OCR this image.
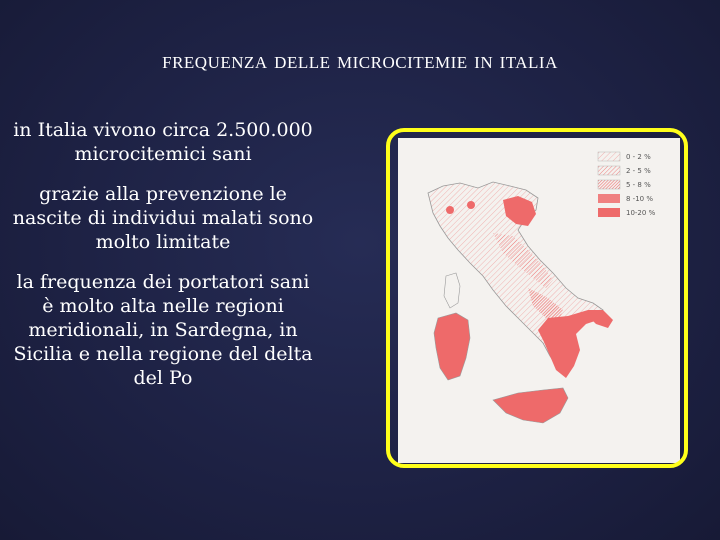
frequenza delle microcitemie in italia

in Italia vivono circa 2.500.000 microcitemici sani

grazie alla prevenzione le nascite di individui malati sono molto limitate

la frequenza dei portatori sani è molto alta nelle regioni meridionali, in Sardegna, in Sicilia e nella regione del delta del Po

0 - 2 %
2 - 5 %
5 - 8 %
8 -10 %
10-20 %
